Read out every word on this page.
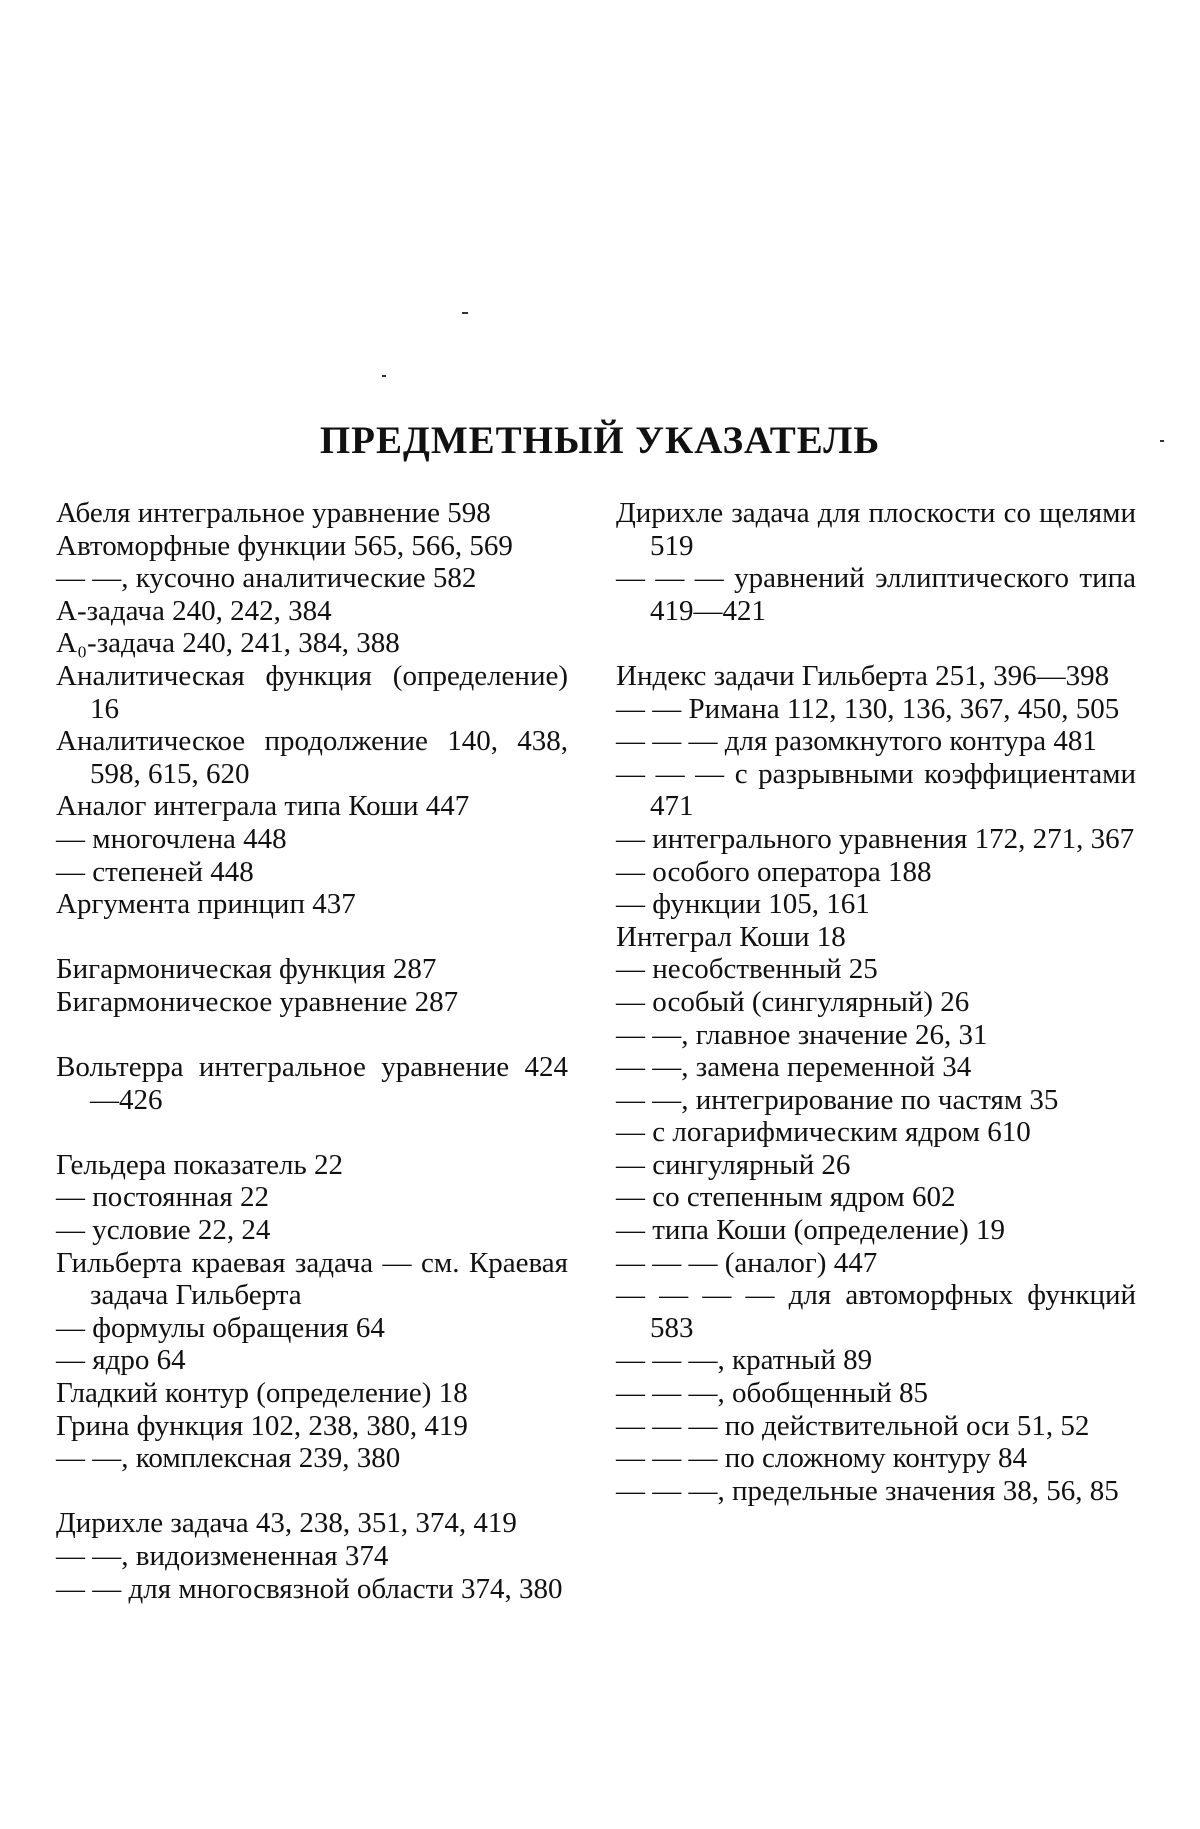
ПРЕДМЕТНЫЙ УКАЗАТЕЛЬ
Абеля интегральное уравнение 598
Автоморфные функции 565, 566, 569
— —, кусочно аналитические 582
A-задача 240, 242, 384
A₀-задача 240, 241, 384, 388
Аналитическая функция (определение) 16
Аналитическое продолжение 140, 438, 598, 615, 620
Аналог интеграла типа Коши 447
— многочлена 448
— степеней 448
Аргумента принцип 437
Бигармоническая функция 287
Бигармоническое уравнение 287
Вольтерра интегральное уравнение 424—426
Гельдера показатель 22
— постоянная 22
— условие 22, 24
Гильберта краевая задача — см. Краевая задача Гильберта
— формулы обращения 64
— ядро 64
Гладкий контур (определение) 18
Грина функция 102, 238, 380, 419
— —, комплексная 239, 380
Дирихле задача 43, 238, 351, 374, 419
— —, видоизмененная 374
— — для многосвязной области 374, 380
Дирихле задача для плоскости со щелями 519
— — — уравнений эллиптического типа 419—421
Индекс задачи Гильберта 251, 396—398
— — Римана 112, 130, 136, 367, 450, 505
— — — для разомкнутого контура 481
— — — с разрывными коэффициентами 471
— интегрального уравнения 172, 271, 367
— особого оператора 188
— функции 105, 161
Интеграл Коши 18
— несобственный 25
— особый (сингулярный) 26
— —, главное значение 26, 31
— —, замена переменной 34
— —, интегрирование по частям 35
— с логарифмическим ядром 610
— сингулярный 26
— со степенным ядром 602
— типа Коши (определение) 19
— — — (аналог) 447
— — — — для автоморфных функций 583
— — —, кратный 89
— — —, обобщенный 85
— — — по действительной оси 51, 52
— — — по сложному контуру 84
— — —, предельные значения 38, 56, 85
